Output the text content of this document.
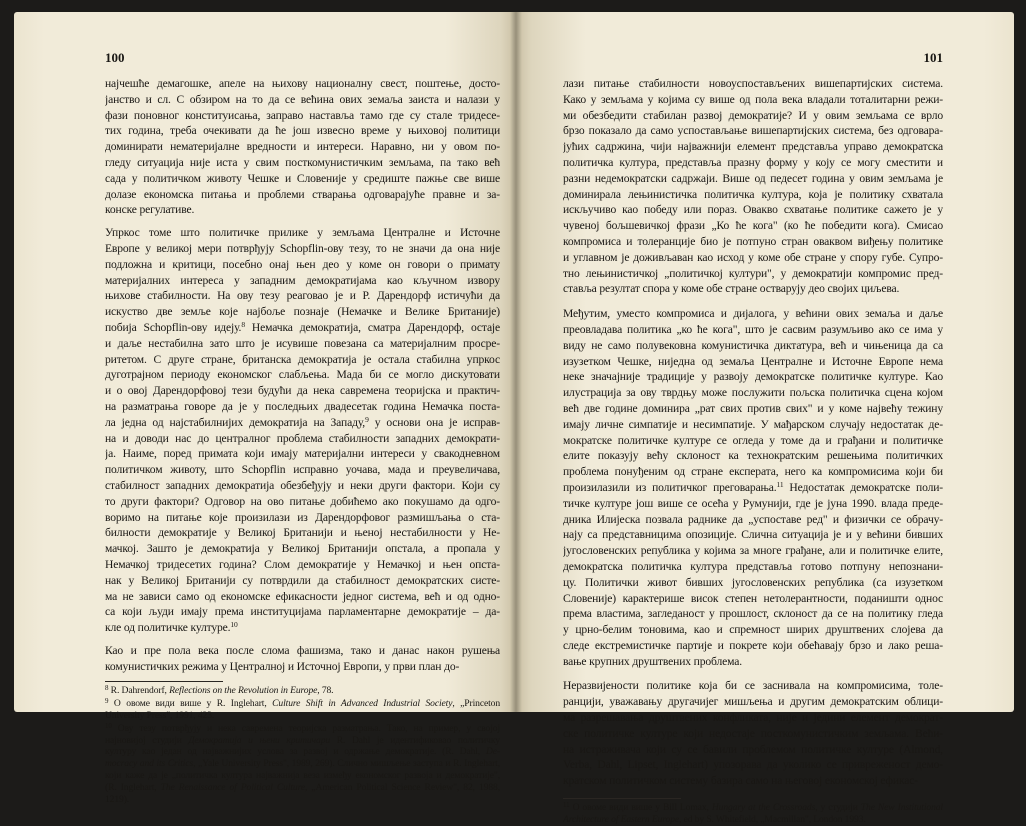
100
најчешће демагошке, апеле на њихову националну свест, поштење, досто-
јанство и сл. С обзиром на то да се већина ових земаља заиста и налази у
фази поновног конституисања, заправо наставља тамо где су стале тридесе-
тих година, треба очекивати да ће још извесно време у њиховој политици
доминирати нематеријалне вредности и интереси. Наравно, ни у овом по-
гледу ситуација није иста у свим посткомунистичким земљама, па тако већ
сада у политичком животу Чешке и Словеније у средиште пажње све више
долазе економска питања и проблеми стварања одговарајуће правне и за-
конске регулативе.
Упркос томе што политичке прилике у земљама Централне и Источне
Европе у великој мери потврђују Schopflin-ову тезу, то не значи да она није
подложна и критици, посебно онај њен део у коме он говори о примату
материјалних интереса у западним демократијама као кључном извору
њихове стабилности. На ову тезу реаговао је и Р. Дарендорф истичући да
искуство две земље које најбоље познаје (Немачке и Велике Британије)
побија Schopflin-ову идеју.$^8$ Немачка демократија, сматра Дарендорф, остаје
и даље нестабилна зато што је исувише повезана са материјалним просpe-
ритетом. С друге стране, британска демократија је остала стабилна упркос
дуготрајном периоду економског слабљења. Мада би се могло дискутовати
и о овој Дарендорфовој тези будући да нека савремена теоријска и практич-
на разматрања говоре да је у последњих двадесетак година Немачка поста-
ла једна од најстабилнијих демократија на Западу,$^9$ у основи она је исправ-
на и доводи нас до централног проблема стабилности западних демократи-
ја. Наиме, поред примата који имају материјални интереси у свакодневном
политичком животу, што Schopflin исправно уочава, мада и преувеличава,
стабилност западних демократија обезбеђују и неки други фактори. Који су
то други фактори? Одговор на ово питање добићемо ако покушамо да одго-
воримо на питање које произилази из Дарендорфовог размишљања о ста-
билности демократије у Великој Британији и њеној нестабилности у Не-
мачкој. Зашто је демократија у Великој Британији опстала, а пропала у
Немачкој тридесетих година? Слом демократије у Немачкој и њен опста-
нак у Великој Британији су потврдили да стабилност демократских систе-
ма не зависи само од економске ефикасности једног система, већ и од одно-
са који људи имају према институцијама парламентарне демократије – да-
кле од политичке културе.$^{10}$
Као и пре пола века после слома фашизма, тако и данас након рушења
комунистичких режима у Централној и Источној Европи, у први план до-
$^8$ R. Dahrendorf, Reflections on the Revolution in Europe, 78.
$^9$ О овоме види више у R. Inglehart, Culture Shift in Advanced Industrial Society, „Princeton
University Press", 1991, 423.
$^{10}$ Ову тезу потврђују и нека савремена теоријска разматрања. Тако, на пример, у својој
најновијој студији Демократија и њени критичари R. Dahl је идентификовао политичку
културу као један од најважнијих услова за развој и одржање демократије. (R. Dahl, De-
mocracy and its Critics, „Yale University Press", 1989, 269). Слично мишљење заступа и R. Inglehart,
који каже да је „политичка култура најважнија веза између економског развоја и демократије",
(R. Inglehart, The Renaissance of Political Culture, „American Political Science Review", 82, 1988,
1219).
101
лази питање стабилности новоуспостављених вишепартијских система.
Како у земљама у којима су више од пола века владали тоталитарни режи-
ми обезбедити стабилан развој демократије? И у овим земљама се врло
брзо показало да само успостављање вишепартијских система, без одговара-
јућих садржина, чији најважнији елемент представља управо демократска
политичка култура, представља празну форму у коју се могу сместити и
разни недемократски садржаји. Више од педесет година у овим земљама је
доминирала лењинистичка политичка култура, која је политику схватала
искључиво као победу или пораз. Овакво схватање политике сажето је у
чувеној бољшевичкој фрази „Ко ће кога" (ко ће победити кога). Смисао
компромиса и толеранције био је потпуно стран оваквом виђењу политике
и углавном је доживљаван као исход у коме обе стране у спору губе. Супро-
тно лењинистичкој „политичкој култури", у демократији компромис пред-
ставља резултат спора у коме обе стране остварују део својих циљева.
Међутим, уместо компромиса и дијалога, у већини ових земаља и даље
преовладава политика „ко ће кога", што је сасвим разумљиво ако се има у
виду не само полувековна комунистичка диктатура, већ и чињеница да са
изузетком Чешке, ниједна од земаља Централне и Источне Европе нема
неке значајније традиције у развоју демократске политичке културе. Као
илустрација за ову тврдњу може послужити пољска политичка сцена којом
већ две године доминира „рат свих против свих" и у коме највећу тежину
имају личне симпатије и несимпатије. У мађарском случају недостатак де-
мократске политичке културе се огледа у томе да и грађани и политичке
елите показују већу склоност ка технократским решењима политичких
проблема понуђеним од стране експерата, него ка компромисима који би
произилазили из политичког преговарања.$^{11}$ Недостатак демократске поли-
тичке културе још више се осећа у Румунији, где је јуна 1990. влада преде-
дника Илијеска позвала раднике да „успоставе ред" и физички се обрачу-
нају са представницима опозиције. Слична ситуација је и у већини бивших
југословенских република у којима за многе грађане, али и политичке елите,
демократска политичка култура представља готово потпуну непознани-
цу. Политички живот бивших југословенских република (са изузетком
Словеније) карактерише висок степен нетолерантности, поданишти однос
према властима, загледаност у прошлост, склоност да се на политику гледа
у црно-белим тоновима, као и спремност ширих друштвених слојева да
следе екстремистичке партије и покрете који обећавају брзо и лако реша-
вање крупних друштвених проблема.
Неразвијености политике која би се заснивала на компромисима, толе-
ранцији, уважавању другачијег мишљења и другим демократским облици-
ма разрешавања друштвених конфликата, није и једини елемент демократ-
ске политичке културе који недостаје посткомунистичким земљама. Већи-
на истраживача који су се бавили проблемом политичке културе (Almond,
Verba, Dahl, Lipset, Inglehart) упозорава да уколико се привреженост демо-
кратском политичком систему базира само на његовој економској ефикас-
$^{11}$ О овоме види више у Bill Lomax, Hungary at the Crossroads, у студији The New Institutional
Architecture of Eastern Europe, ed by S. Whitefield, „Macmillan", London 1993.
